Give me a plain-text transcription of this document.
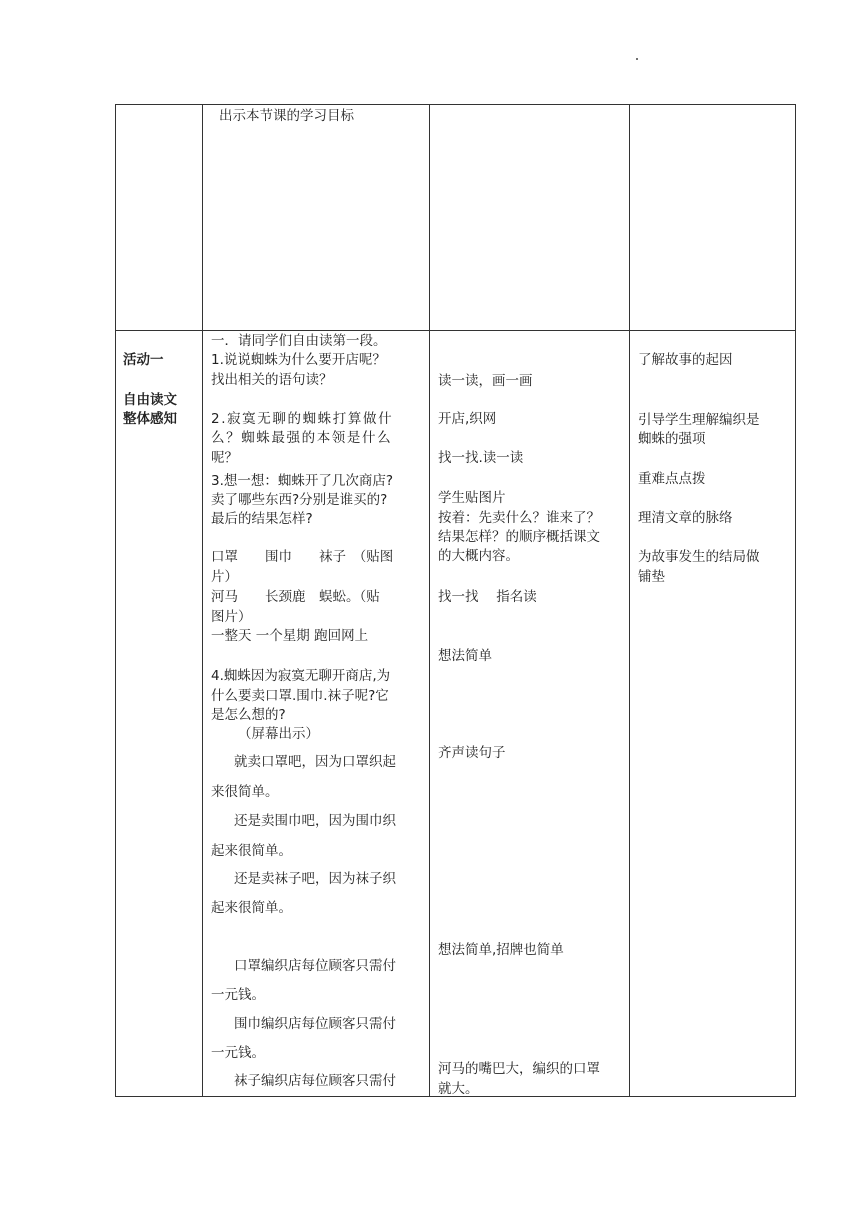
出示本节课的学习目标
活动一
自由读文
整体感知
一．请同学们自由读第一段。
1.说说蜘蛛为什么要开店呢？
找出相关的语句读？
2.寂寞无聊的蜘蛛打算做什
么？蜘蛛最强的本领是什么
呢？
3.想一想：蜘蛛开了几次商店?
卖了哪些东西?分别是谁买的?
最后的结果怎样?
口罩　　围巾　　袜子　（贴图
片）
河马　　长颈鹿　蜈蚣。（贴
图片）
一整天 一个星期 跑回网上
4.蜘蛛因为寂寞无聊开商店,为
什么要卖口罩.围巾.袜子呢?它
是怎么想的?
（屏幕出示）
就卖口罩吧，因为口罩织起
来很简单。
还是卖围巾吧，因为围巾织
起来很简单。
还是卖袜子吧，因为袜子织
起来很简单。
口罩编织店每位顾客只需付
一元钱。
围巾编织店每位顾客只需付
一元钱。
袜子编织店每位顾客只需付
读一读，画一画
开店,织网
找一找.读一读
学生贴图片
按着：先卖什么？谁来了？
结果怎样？的顺序概括课文
的大概内容。
找一找　 指名读
想法简单
齐声读句子
想法简单,招牌也简单
河马的嘴巴大，编织的口罩
就大。
了解故事的起因
引导学生理解编织是
蜘蛛的强项
重难点点拨
理清文章的脉络
为故事发生的结局做
铺垫
